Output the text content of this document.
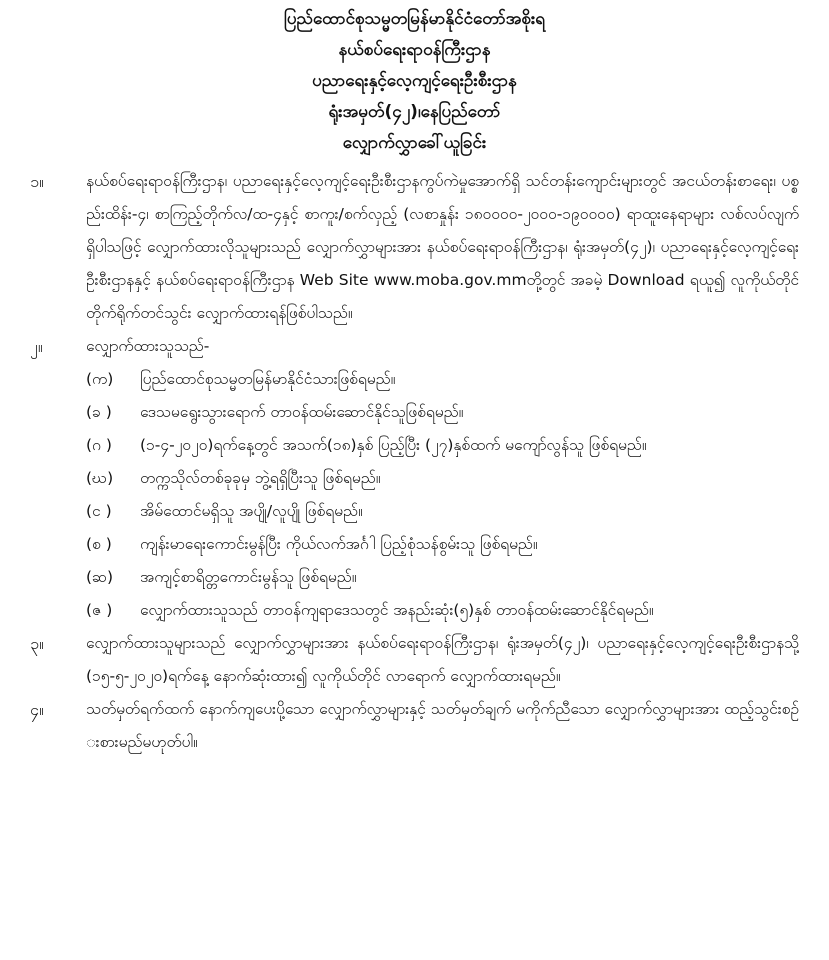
ပြည်ထောင်စုသမ္မတမြန်မာနိုင်ငံတော်အစိုးရ
နယ်စပ်ရေးရာဝန်ကြီးဌာန
ပညာရေးနှင့်လေ့ကျင့်ရေးဦးစီးဌာန
ရုံးအမှတ်(၄၂)၊နေပြည်တော်
လျှောက်လွှာခေါ်ယူခြင်း
၁။	နယ်စပ်ရေးရာဝန်ကြီးဌာန၊ ပညာရေးနှင့်လေ့ကျင့်ရေးဦးစီးဌာနကွပ်ကဲမှုအောက်ရှိ သင်တန်းကျောင်းများတွင် အငယ်တန်းစာရေး၊ ပစ္စည်းထိန်း-၄၊ စာကြည့်တိုက်လ/ထ-၄နှင့် စာကူး/စက်လှည့် (လစာနှုန်း ၁၈၀၀၀၀-၂၀၀၀-၁၉၀၀၀၀) ရာထူးနေရာများ လစ်လပ်လျက်ရှိပါသဖြင့် လျှောက်ထားလိုသူများသည် လျှောက်လွှာများအား နယ်စပ်ရေးရာဝန်ကြီးဌာန၊ ရုံးအမှတ်(၄၂)၊ ပညာရေးနှင့်လေ့ကျင့်ရေးဦးစီးဌာနနှင့် နယ်စပ်ရေးရာဝန်ကြီးဌာန Web Site www.moba.gov.mmတို့တွင် အခမဲ့ Download ရယူ၍ လူကိုယ်တိုင် တိုက်ရိုက်တင်သွင်း လျှောက်ထားရန်ဖြစ်ပါသည်။
၂။	လျှောက်ထားသူသည်-
(က) ပြည်ထောင်စုသမ္မတမြန်မာနိုင်ငံသားဖြစ်ရမည်။
(ခ ) ဒေသမရွေးသွားရောက် တာဝန်ထမ်းဆောင်နိုင်သူဖြစ်ရမည်။
(ဂ ) (၁-၄-၂၀၂၀)ရက်နေ့တွင် အသက်(၁၈)နှစ် ပြည့်ပြီး (၂၇)နှစ်ထက် မကျော်လွန်သူ ဖြစ်ရမည်။
(ဃ) တက္ကသိုလ်တစ်ခုခုမှ ဘွဲ့ရရှိပြီးသူ ဖြစ်ရမည်။
(င ) အိမ်ထောင်မရှိသူ အပျို/လူပျို ဖြစ်ရမည်။
(စ ) ကျန်းမာရေးကောင်းမွန်ပြီး ကိုယ်လက်အင်္ဂါ ပြည့်စုံသန်စွမ်းသူ ဖြစ်ရမည်။
(ဆ) အကျင့်စာရိတ္တကောင်းမွန်သူ ဖြစ်ရမည်။
(ဇ ) လျှောက်ထားသူသည် တာဝန်ကျရာဒေသတွင် အနည်းဆုံး(၅)နှစ် တာဝန်ထမ်းဆောင်နိုင်ရမည်။
၃။	လျှောက်ထားသူများသည် လျှောက်လွှာများအား နယ်စပ်ရေးရာဝန်ကြီးဌာန၊ ရုံးအမှတ်(၄၂)၊ ပညာရေးနှင့်လေ့ကျင့်ရေးဦးစီးဌာနသို့ (၁၅-၅-၂၀၂၀)ရက်နေ့ နောက်ဆုံးထား၍ လူကိုယ်တိုင် လာရောက် လျှောက်ထားရမည်။
၄။	သတ်မှတ်ရက်ထက် နောက်ကျပေးပို့သော လျှောက်လွှာများနှင့် သတ်မှတ်ချက် မကိုက်ညီသော လျှောက်လွှာများအား ထည့်သွင်းစဉ်းစားမည်မဟုတ်ပါ။
